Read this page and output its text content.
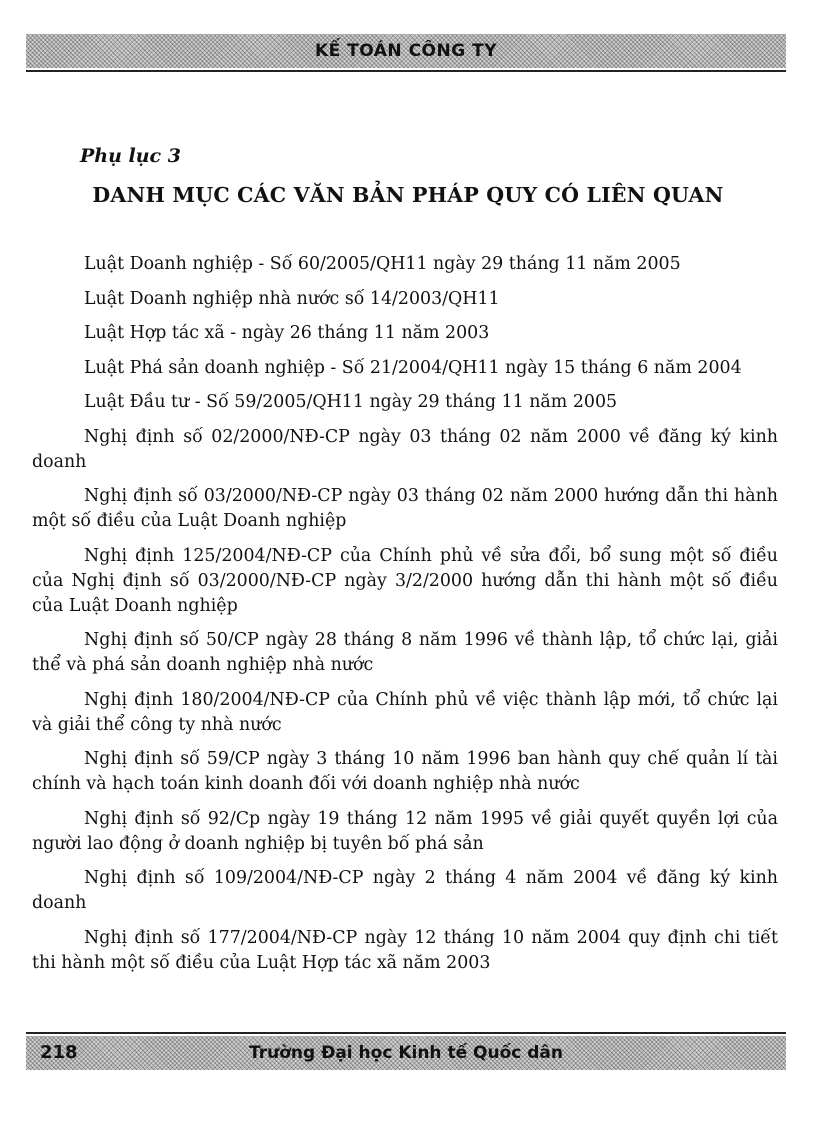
KẾ TOÁN CÔNG TY
Phụ lục 3
DANH MỤC CÁC VĂN BẢN PHÁP QUY CÓ LIÊN QUAN
Luật Doanh nghiệp - Số 60/2005/QH11 ngày 29 tháng 11 năm 2005
Luật Doanh nghiệp nhà nước số 14/2003/QH11
Luật Hợp tác xã - ngày 26 tháng 11 năm 2003
Luật Phá sản doanh nghiệp - Số 21/2004/QH11 ngày 15 tháng 6 năm 2004
Luật Đầu tư - Số 59/2005/QH11 ngày 29 tháng 11 năm 2005
Nghị định số 02/2000/NĐ-CP ngày 03 tháng 02 năm 2000 về đăng ký kinh doanh
Nghị định số 03/2000/NĐ-CP ngày 03 tháng 02 năm 2000 hướng dẫn thi hành một số điều của Luật Doanh nghiệp
Nghị định 125/2004/NĐ-CP của Chính phủ về sửa đổi, bổ sung một số điều của Nghị định số 03/2000/NĐ-CP ngày 3/2/2000 hướng dẫn thi hành một số điều của Luật Doanh nghiệp
Nghị định số 50/CP ngày 28 tháng 8 năm 1996 về thành lập, tổ chức lại, giải thể và phá sản doanh nghiệp nhà nước
Nghị định 180/2004/NĐ-CP của Chính phủ về việc thành lập mới, tổ chức lại và giải thể công ty nhà nước
Nghị định số 59/CP ngày 3 tháng 10 năm 1996 ban hành quy chế quản lí tài chính và hạch toán kinh doanh đối với doanh nghiệp nhà nước
Nghị định số 92/Cp ngày 19 tháng 12 năm 1995 về giải quyết quyền lợi của người lao động ở doanh nghiệp bị tuyên bố phá sản
Nghị định số 109/2004/NĐ-CP ngày 2 tháng 4 năm 2004 về đăng ký kinh doanh
Nghị định số 177/2004/NĐ-CP ngày 12 tháng 10 năm 2004 quy định chi tiết thi hành một số điều của Luật Hợp tác xã năm 2003
218	Trường Đại học Kinh tế Quốc dân
